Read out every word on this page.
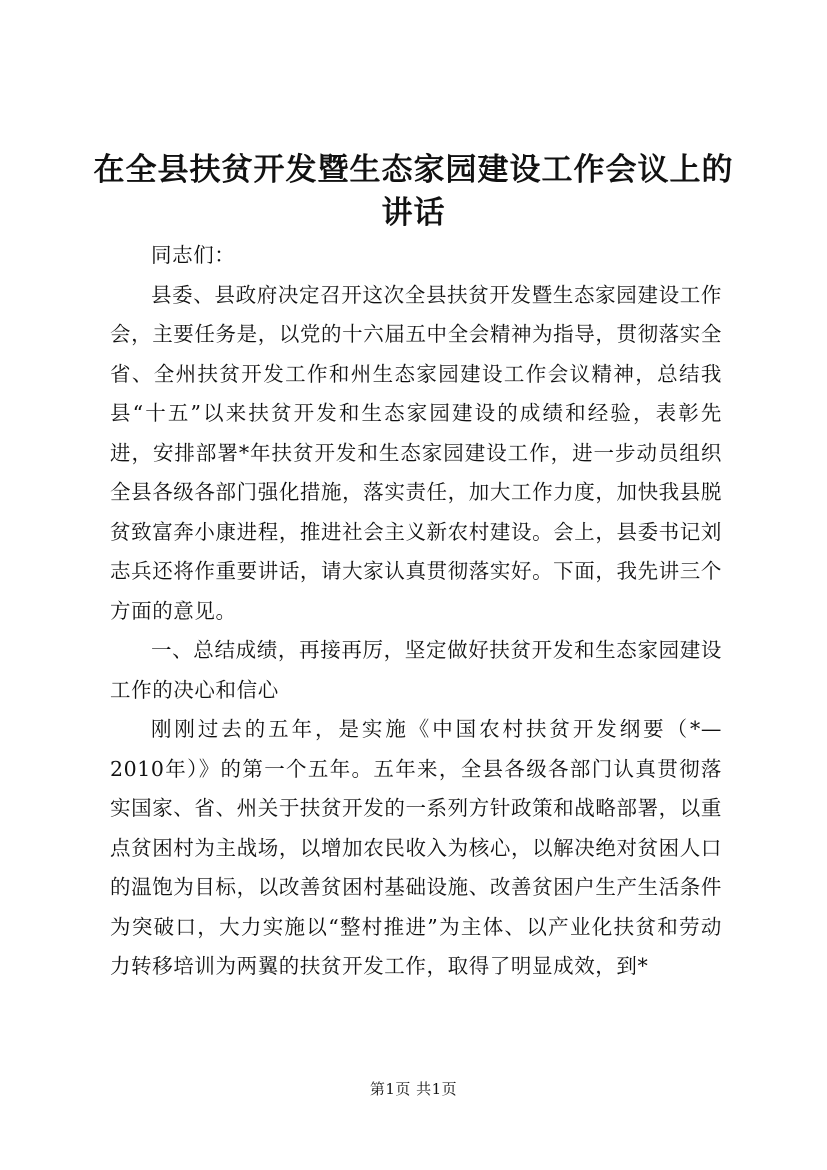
在全县扶贫开发暨生态家园建设工作会议上的
讲话

同志们：

县委、县政府决定召开这次全县扶贫开发暨生态家园建设工作会，主要任务是，以党的十六届五中全会精神为指导，贯彻落实全省、全州扶贫开发工作和州生态家园建设工作会议精神，总结我县“十五”以来扶贫开发和生态家园建设的成绩和经验，表彰先进，安排部署*年扶贫开发和生态家园建设工作，进一步动员组织全县各级各部门强化措施，落实责任，加大工作力度，加快我县脱贫致富奔小康进程，推进社会主义新农村建设。会上，县委书记刘志兵还将作重要讲话，请大家认真贯彻落实好。下面，我先讲三个方面的意见。

一、总结成绩，再接再厉，坚定做好扶贫开发和生态家园建设工作的决心和信心

刚刚过去的五年，是实施《中国农村扶贫开发纲要（*—2010年）》的第一个五年。五年来，全县各级各部门认真贯彻落实国家、省、州关于扶贫开发的一系列方针政策和战略部署，以重点贫困村为主战场，以增加农民收入为核心，以解决绝对贫困人口的温饱为目标，以改善贫困村基础设施、改善贫困户生产生活条件为突破口，大力实施以“整村推进”为主体、以产业化扶贫和劳动力转移培训为两翼的扶贫开发工作，取得了明显成效，到*

第1页 共1页
